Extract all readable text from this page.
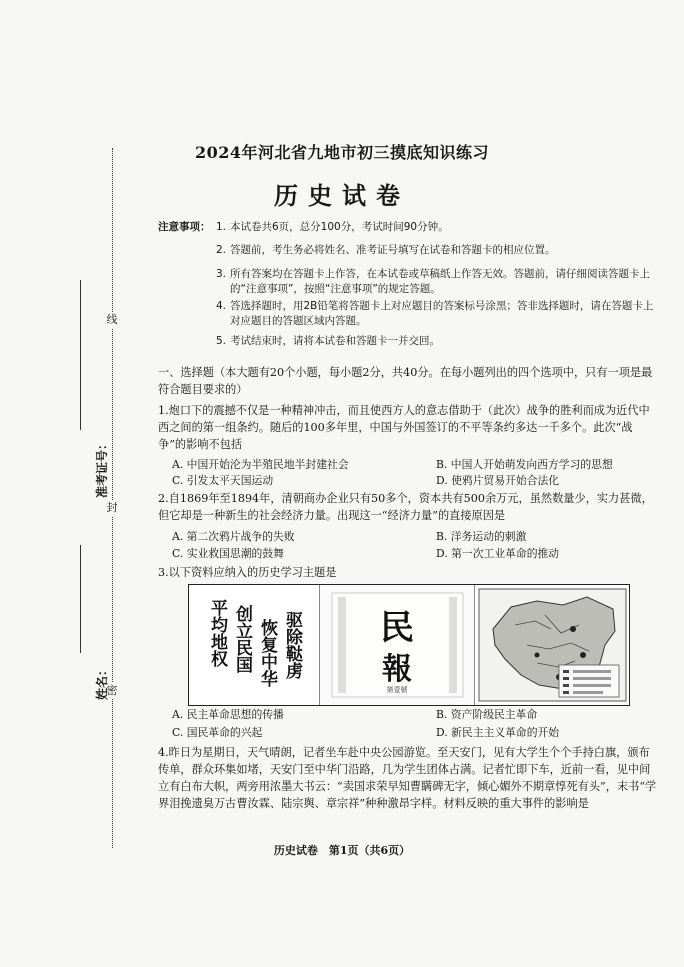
线
封
密
准考证号：
姓名：
2024年河北省九地市初三摸底知识练习
历史试卷
注意事项： 1. 本试卷共6页，总分100分，考试时间90分钟。
2. 答题前，考生务必将姓名、准考证号填写在试卷和答题卡的相应位置。
3. 所有答案均在答题卡上作答，在本试卷或草稿纸上作答无效。答题前，请仔细阅读答题卡上的“注意事项”，按照“注意事项”的规定答题。
4. 答选择题时，用2B铅笔将答题卡上对应题目的答案标号涂黑；答非选择题时，请在答题卡上对应题目的答题区域内答题。
5. 考试结束时，请将本试卷和答题卡一并交回。
一、选择题（本大题有20个小题，每小题2分，共40分。在每小题列出的四个选项中，只有一项是最符合题目要求的）
1.炮口下的震撼不仅是一种精神冲击，而且使西方人的意志借助于（此次）战争的胜利而成为近代中西之间的第一组条约。随后的100多年里，中国与外国签订的不平等条约多达一千多个。此次“战争”的影响不包括
A. 中国开始沦为半殖民地半封建社会	B. 中国人开始萌发向西方学习的思想
C. 引发太平天国运动	D. 使鸦片贸易开始合法化
2.自1869年至1894年，清朝商办企业只有50多个，资本共有500余万元，虽然数量少，实力甚微，但它却是一种新生的社会经济力量。出现这一“经济力量”的直接原因是
A. 第二次鸦片战争的失败	B. 洋务运动的刺激
C. 实业救国思潮的鼓舞	D. 第一次工业革命的推动
3.以下资料应纳入的历史学习主题是
驱除鞑虏
恢复中华
创立民国
平均地权	民
報
第壹號
A. 民主革命思想的传播	B. 资产阶级民主革命
C. 国民革命的兴起	D. 新民主主义革命的开始
4.昨日为星期日，天气晴朗，记者坐车赴中央公园游览。至天安门，见有大学生个个手持白旗，颁布传单，群众环集如堵，天安门至中华门沿路，几为学生团体占满。记者忙即下车，近前一看，见中间立有白布大帜，两旁用浓墨大书云：“卖国求荣早知曹瞒碑无字，倾心媚外不期章惇死有头”，末书“学界泪挽遗臭万古曹汝霖、陆宗舆、章宗祥”种种激昂字样。材料反映的重大事件的影响是
历史试卷　第1页（共6页）
